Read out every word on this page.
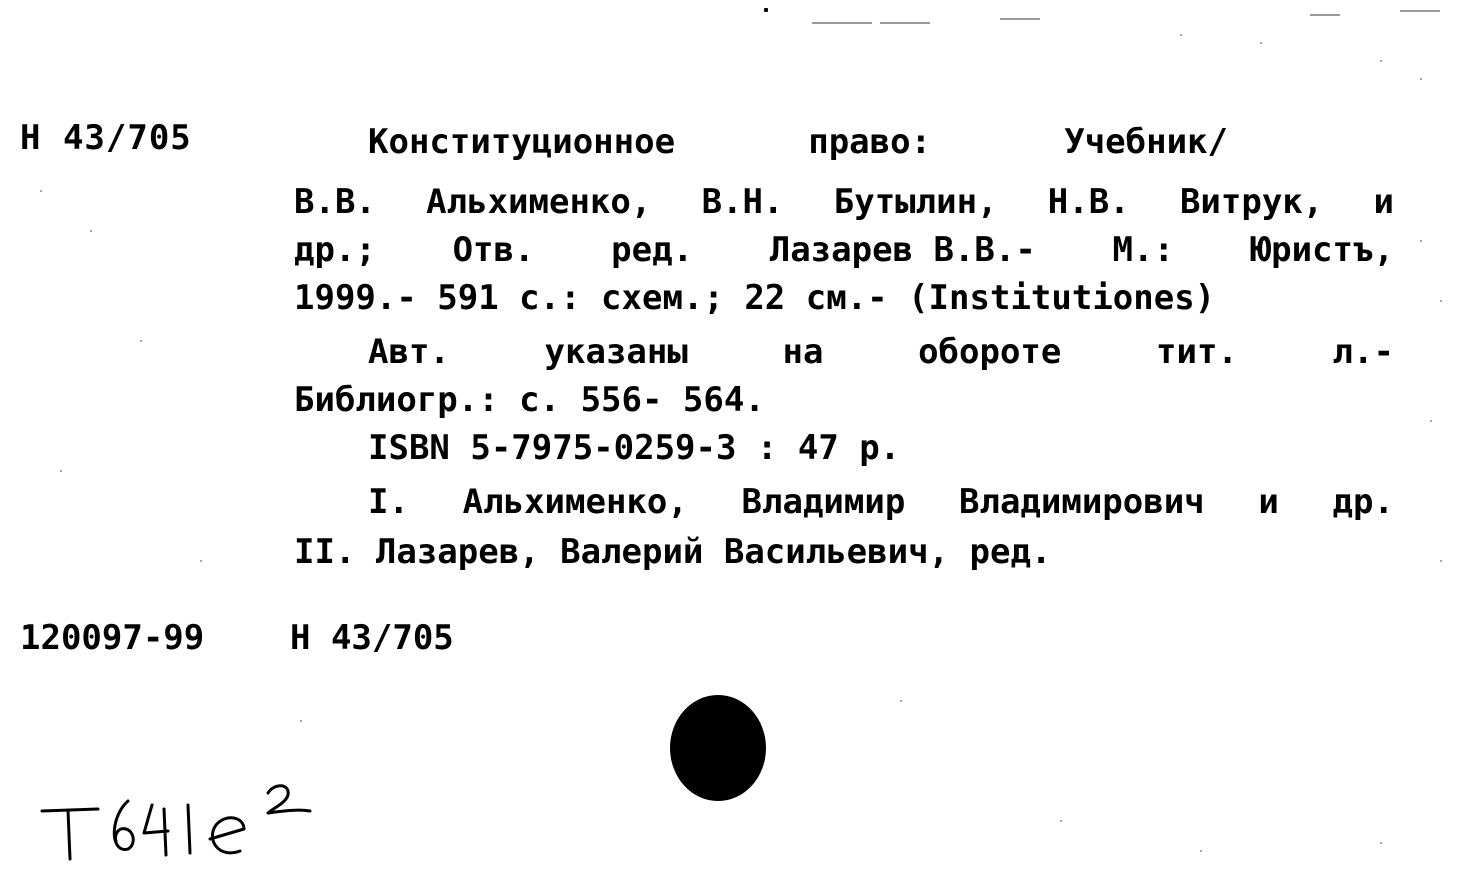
Н 43/705	Конституционное	право:	Учебник/
В.В. Альхименко, В.Н. Бутылин, Н.В. Витрук, и
др.; Отв. ред. Лазарев В.В.- М.: Юристъ,
1999.- 591 с.: схем.; 22 см.- (Institutiones)
Авт.	указаны	на	обороте	тит.	л.-
Библиогр.: с. 556- 564.
ISBN 5-7975-0259-3 : 47 р.
I. Альхименко, Владимир Владимирович и др.
II. Лазарев, Валерий Васильевич, ред.
120097-99	Н 43/705
